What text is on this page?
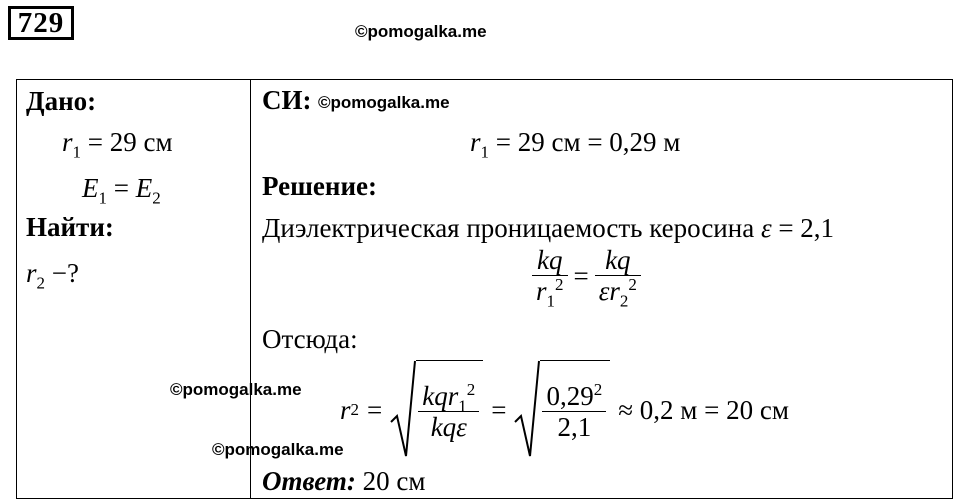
729	©pomogalka.me
Дано:
$r_1 = 29$ см
$E_1 = E_2$
Найти:
$r_2$ −?
СИ: ©pomogalka.me
$r_1 = 29$ см = 0,29 м
Решение:
Диэлектрическая проницаемость керосина ε = 2,1
$\frac{kq}{r_1^2} = \frac{kq}{\varepsilon r_2^2}$
Отсюда:
©pomogalka.me
©pomogalka.me
r $2 = \frac{kqr_1^2}{\text{kqε}} = \frac{0,29^2}{2,1} \approx 0,2$ м = 20 см
Ответ: 20 см
